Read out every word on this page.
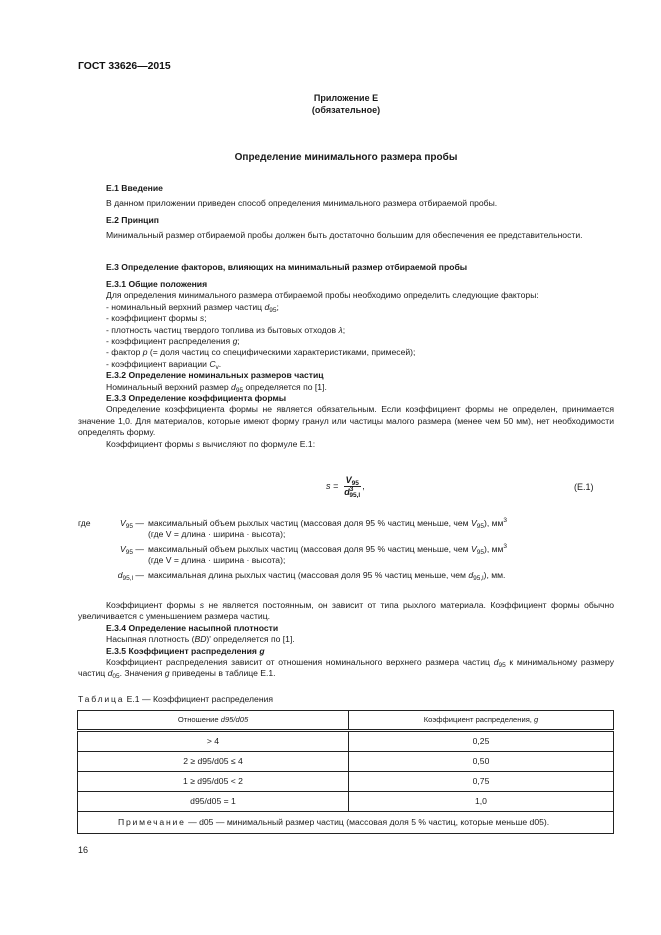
ГОСТ 33626—2015
Приложение Е
(обязательное)
Определение минимального размера пробы
Е.1 Введение
В данном приложении приведен способ определения минимального размера отбираемой пробы.
Е.2 Принцип
Минимальный размер отбираемой пробы должен быть достаточно большим для обеспечения ее представительности.
Е.3 Определение факторов, влияющих на минимальный размер отбираемой пробы
Е.3.1 Общие положения
Для определения минимального размера отбираемой пробы необходимо определить следующие факторы:
- номинальный верхний размер частиц $d_{95}$;
- коэффициент формы s;
- плотность частиц твердого топлива из бытовых отходов λ;
- коэффициент распределения g;
- фактор p (= доля частиц со специфическими характеристиками, примесей);
- коэффициент вариации $C_v$.
Е.3.2 Определение номинальных размеров частиц
Номинальный верхний размер $d_{95}$ определяется по [1].
Е.3.3 Определение коэффициента формы
Определение коэффициента формы не является обязательным. Если коэффициент формы не определен, принимается значение 1,0. Для материалов, которые имеют форму гранул или частицы малого размера (менее чем 50 мм), нет необходимости определять форму.
Коэффициент формы s вычисляют по формуле Е.1:
$s = \frac{V_{95}}{d^3_{95,l}}$ ,	(Е.1)
где	$V_{95}$ — максимальный объем рыхлых частиц (массовая доля 95 % частиц меньше, чем $V_{95}$), $мм^3$
(где V = длина · ширина · высота);
$V_{95}$ — максимальный объем рыхлых частиц (массовая доля 95 % частиц меньше, чем $V_{95}$), $мм^3$
(где V = длина · ширина · высота);
$d_{95,l}$ — максимальная длина рыхлых частиц (массовая доля 95 % частиц меньше, чем $d_{95,l}$), мм.
Коэффициент формы s не является постоянным, он зависит от типа рыхлого материала. Коэффициент формы обычно увеличивается с уменьшением размера частиц.
Е.3.4 Определение насыпной плотности
Насыпная плотность (BD)' определяется по [1].
Е.3.5 Коэффициент распределения g
Коэффициент распределения зависит от отношения номинального верхнего размера частиц $d_{95}$ к минимальному размеру частиц $d_{05}$. Значения g приведены в таблице Е.1.
Таблица Е.1 — Коэффициент распределения
Отношение d95/d05	Коэффициент распределения, g
> 4	0,25
2 ≥ d95/d05 ≤ 4	0,50
1 ≥ d95/d05 < 2	0,75
d95/d05 = 1	1,0
Примечание — d05 — минимальный размер частиц (массовая доля 5 % частиц, которые меньше d05).	
16
